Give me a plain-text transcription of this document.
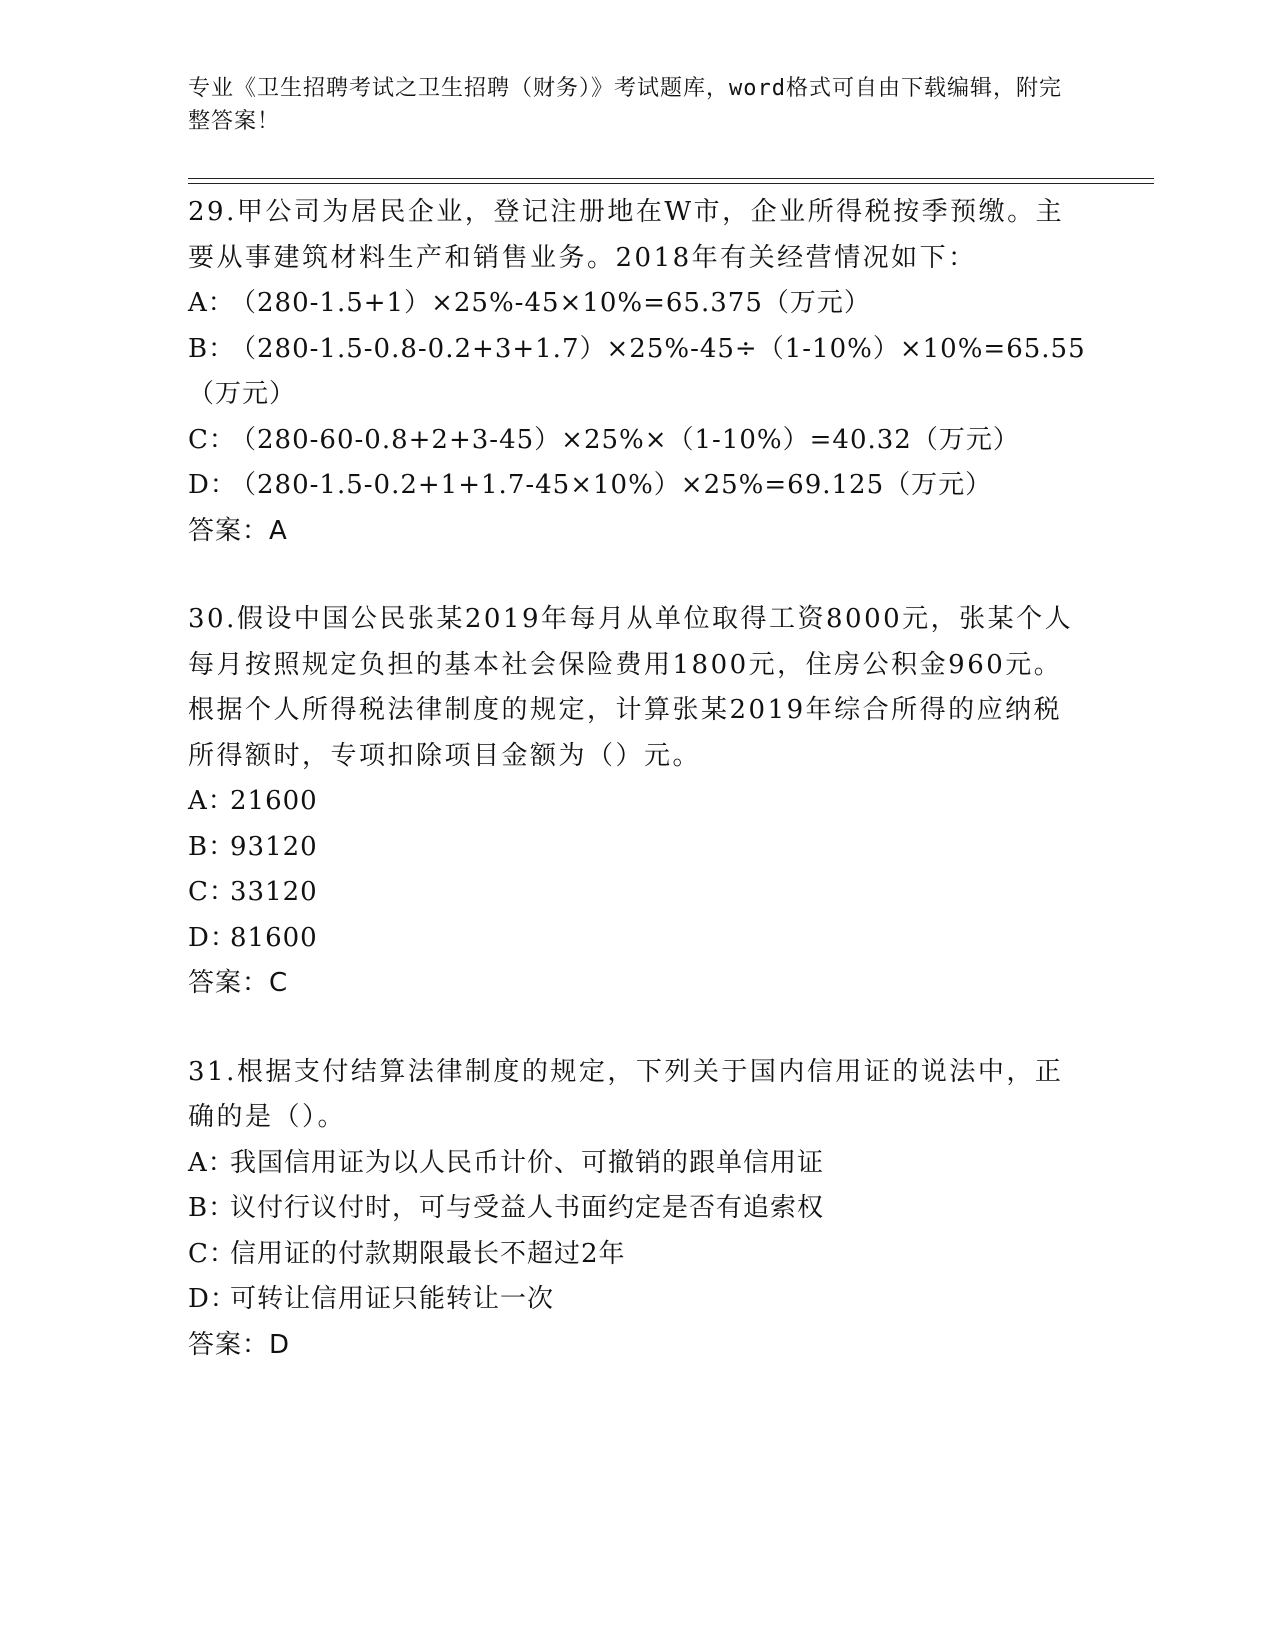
专业《卫生招聘考试之卫生招聘（财务）》考试题库，word格式可自由下载编辑，附完整答案！
29.甲公司为居民企业，登记注册地在W市，企业所得税按季预缴。主要从事建筑材料生产和销售业务。2018年有关经营情况如下：
A：（280-1.5+1）×25%-45×10%=65.375（万元）
B：（280-1.5-0.8-0.2+3+1.7）×25%-45÷（1-10%）×10%=65.55（万元）
C：（280-60-0.8+2+3-45）×25%×（1-10%）=40.32（万元）
D：（280-1.5-0.2+1+1.7-45×10%）×25%=69.125（万元）
答案：A
30.假设中国公民张某2019年每月从单位取得工资8000元，张某个人每月按照规定负担的基本社会保险费用1800元，住房公积金960元。根据个人所得税法律制度的规定，计算张某2019年综合所得的应纳税所得额时，专项扣除项目金额为（）元。
A：21600
B：93120
C：33120
D：81600
答案：C
31.根据支付结算法律制度的规定，下列关于国内信用证的说法中，正确的是（）。
A：我国信用证为以人民币计价、可撤销的跟单信用证
B：议付行议付时，可与受益人书面约定是否有追索权
C：信用证的付款期限最长不超过2年
D：可转让信用证只能转让一次
答案：D
